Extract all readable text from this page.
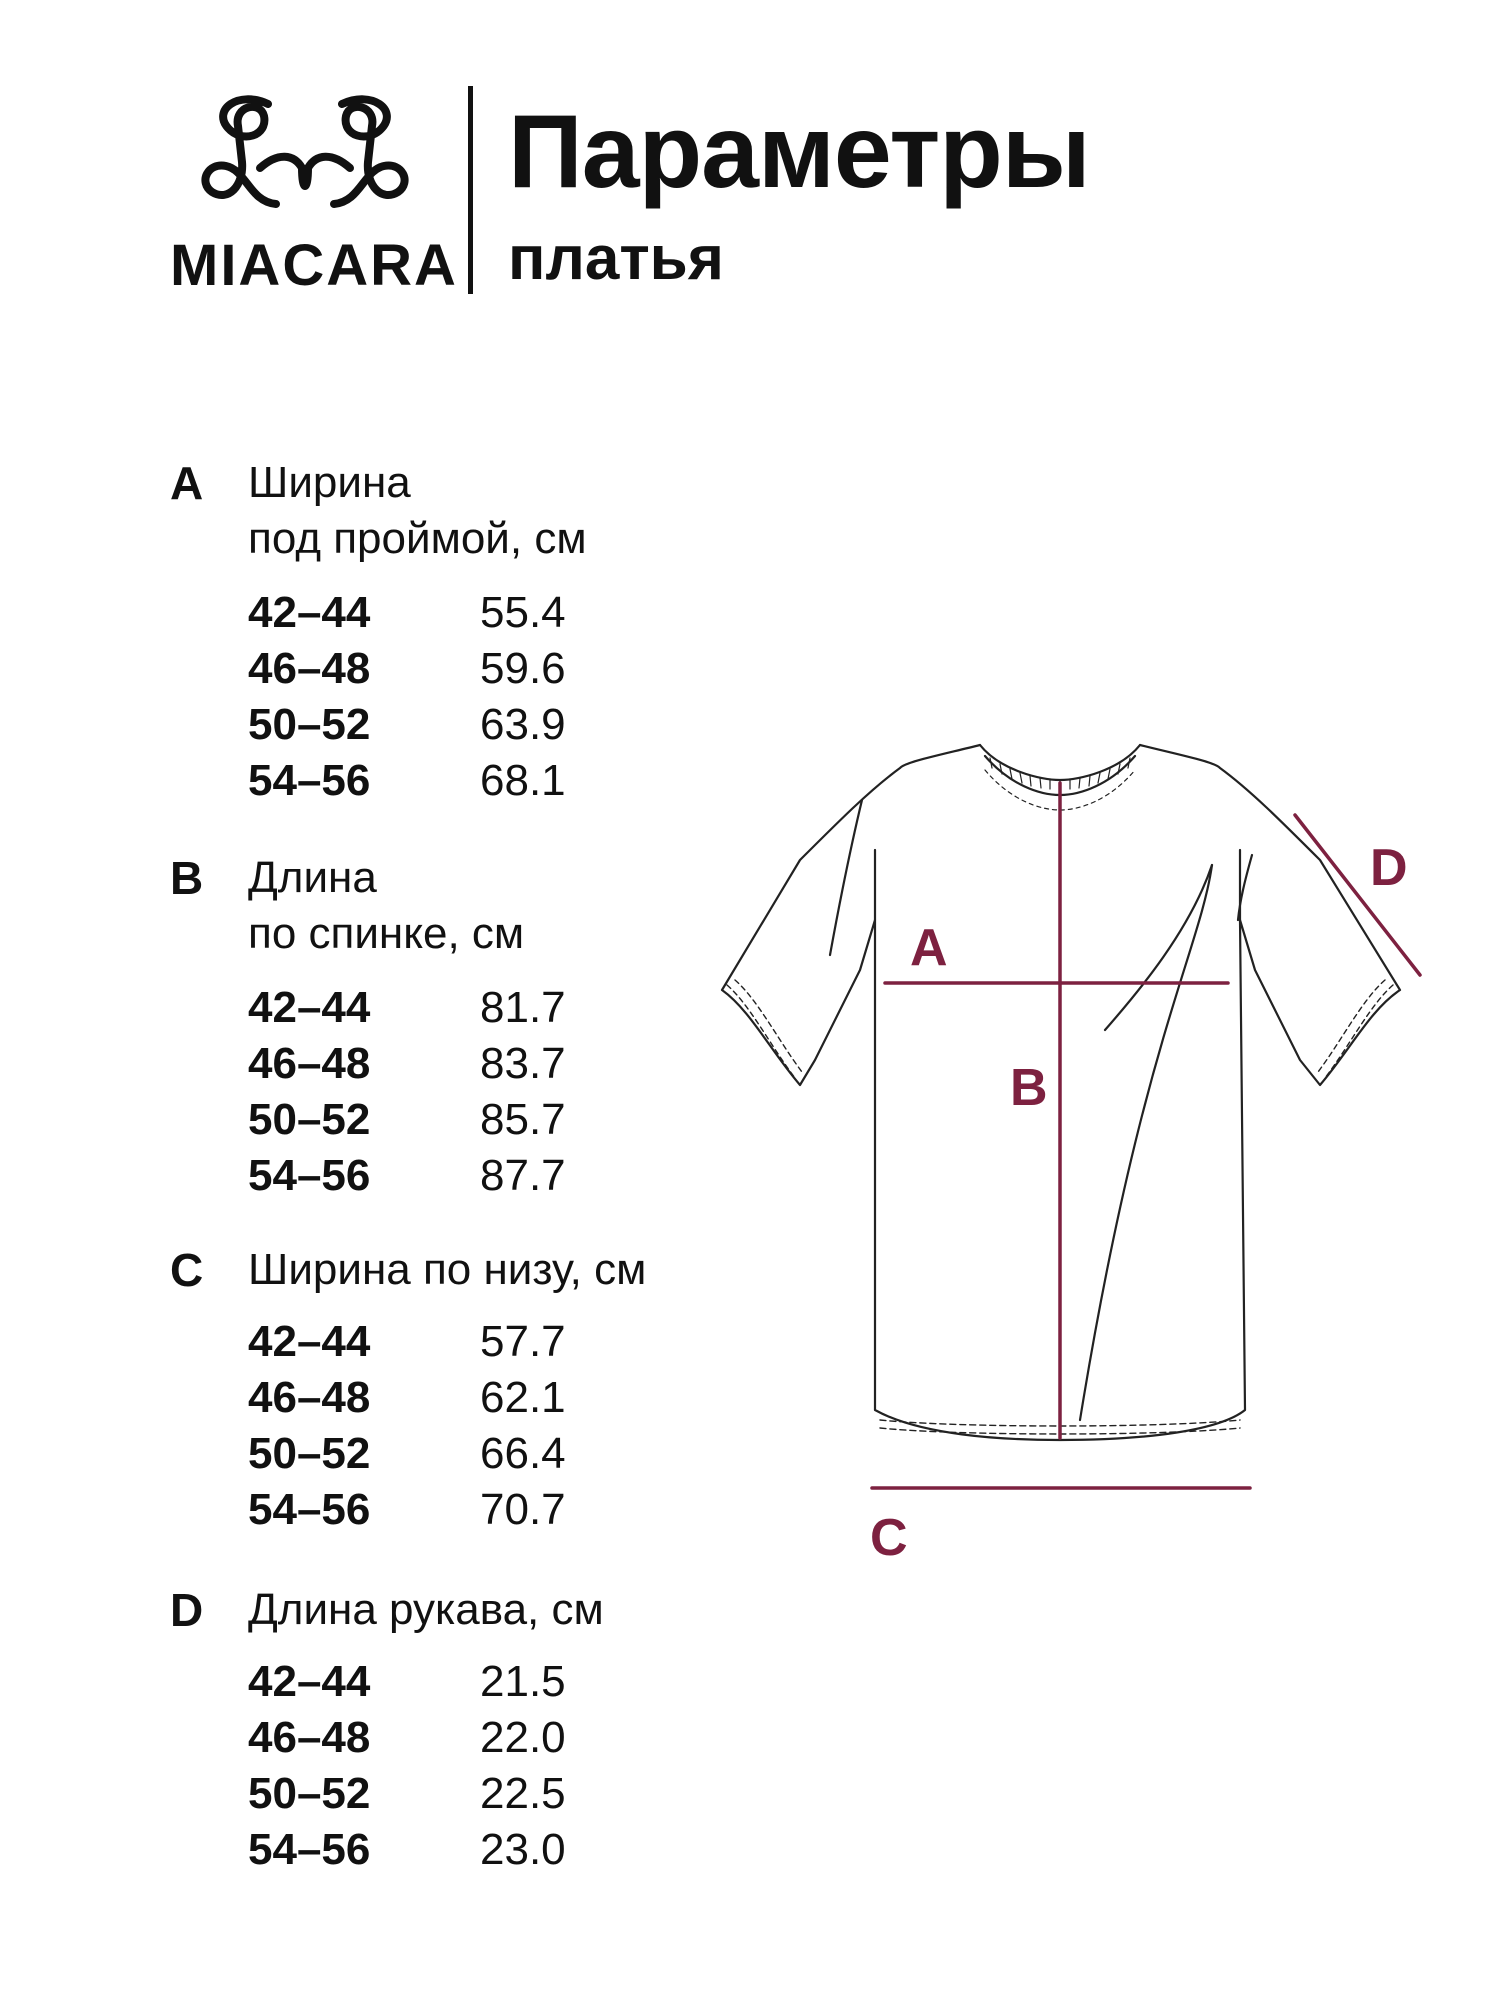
MIACARA
Параметры
платья
A Ширина
под проймой, см
42–44	55.4
46–48	59.6
50–52	63.9
54–56	68.1
B Длина
по спинке, см
42–44	81.7
46–48	83.7
50–52	85.7
54–56	87.7
C Ширина по низу, см
42–44	57.7
46–48	62.1
50–52	66.4
54–56	70.7
D Длина рукава, см
42–44	21.5
46–48	22.0
50–52	22.5
54–56	23.0
A
B
C
D
